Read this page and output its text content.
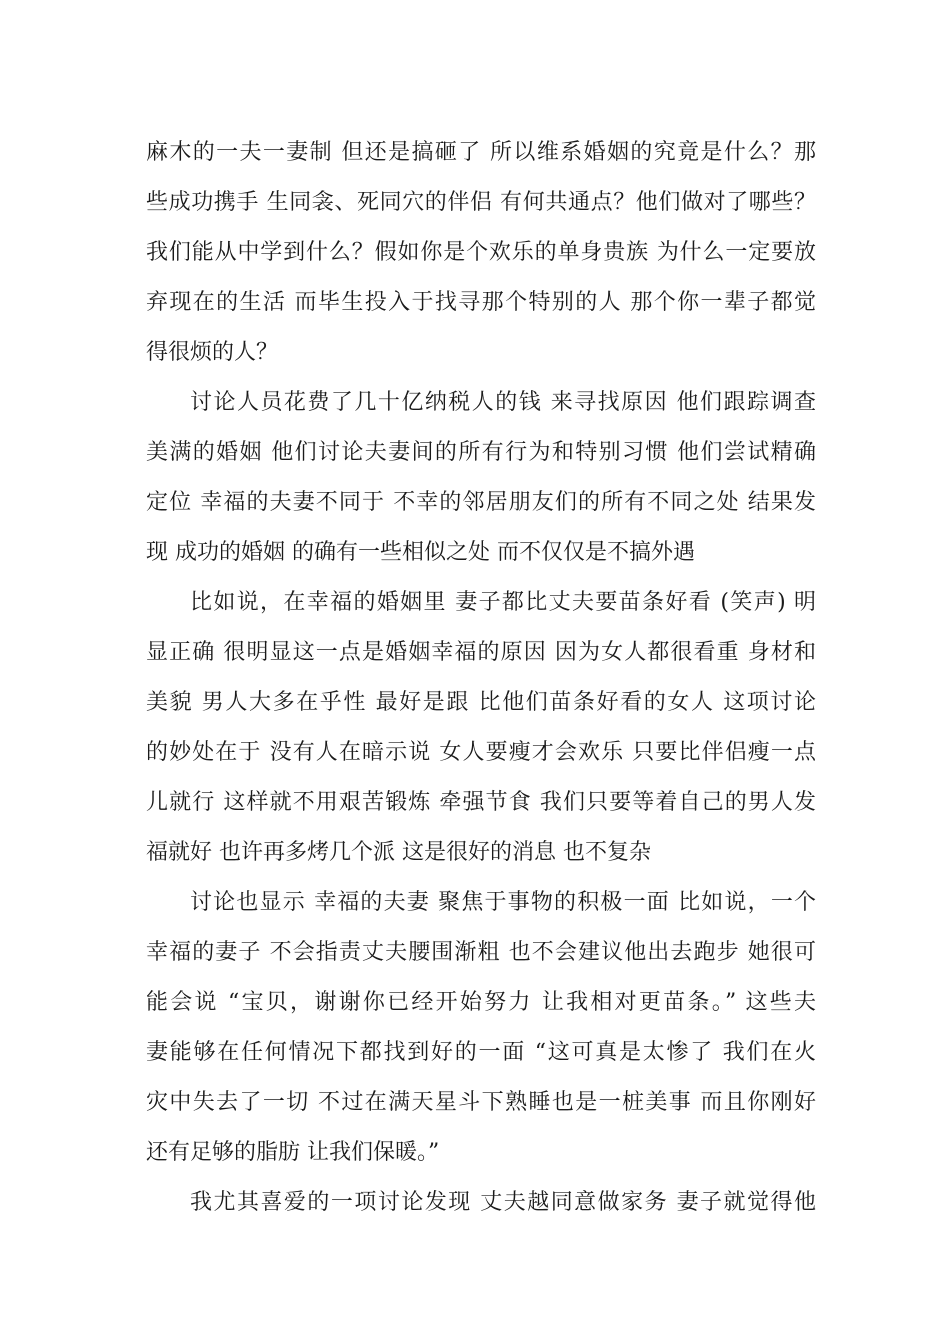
麻木的一夫一妻制 但还是搞砸了 所以维系婚姻的究竟是什么？那
些成功携手 生同衾、死同穴的伴侣 有何共通点？他们做对了哪些？
我们能从中学到什么？假如你是个欢乐的单身贵族 为什么一定要放
弃现在的生活 而毕生投入于找寻那个特别的人 那个你一辈子都觉
得很烦的人？
讨论人员花费了几十亿纳税人的钱 来寻找原因 他们跟踪调查
美满的婚姻 他们讨论夫妻间的所有行为和特别习惯 他们尝试精确
定位 幸福的夫妻不同于 不幸的邻居朋友们的所有不同之处 结果发
现 成功的婚姻 的确有一些相似之处 而不仅仅是不搞外遇
比如说，在幸福的婚姻里 妻子都比丈夫要苗条好看 (笑声) 明
显正确 很明显这一点是婚姻幸福的原因 因为女人都很看重 身材和
美貌 男人大多在乎性 最好是跟 比他们苗条好看的女人 这项讨论
的妙处在于 没有人在暗示说 女人要瘦才会欢乐 只要比伴侣瘦一点
儿就行 这样就不用艰苦锻炼 牵强节食 我们只要等着自己的男人发
福就好 也许再多烤几个派 这是很好的消息 也不复杂
讨论也显示 幸福的夫妻 聚焦于事物的积极一面 比如说，一个
幸福的妻子 不会指责丈夫腰围渐粗 也不会建议他出去跑步 她很可
能会说 “宝贝，谢谢你已经开始努力 让我相对更苗条。” 这些夫
妻能够在任何情况下都找到好的一面 “这可真是太惨了 我们在火
灾中失去了一切 不过在满天星斗下熟睡也是一桩美事 而且你刚好
还有足够的脂肪 让我们保暖。”
我尤其喜爱的一项讨论发现 丈夫越同意做家务 妻子就觉得他
